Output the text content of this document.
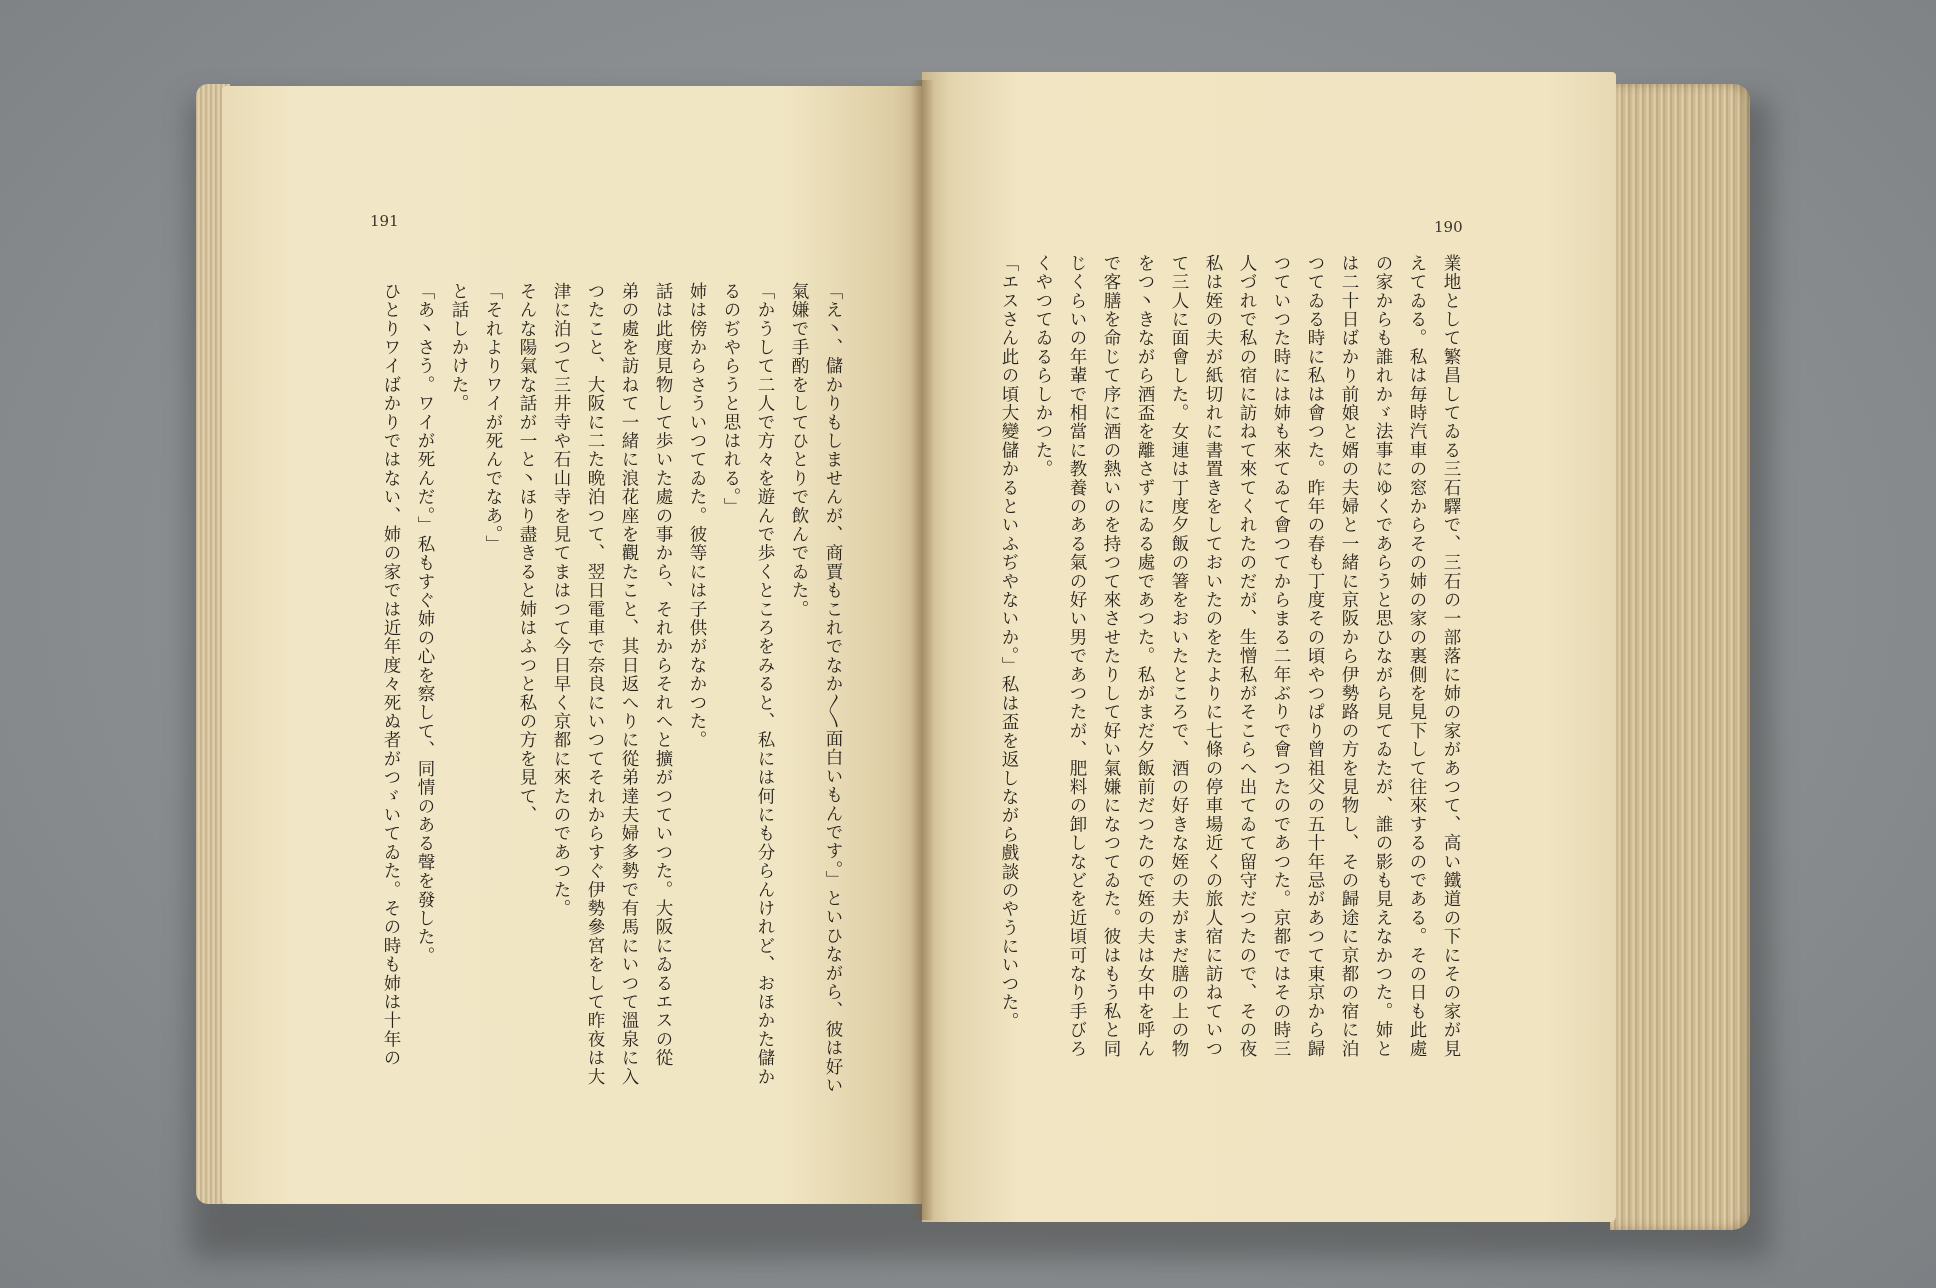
191
「え丶、儲かりもしませんが、商賈もこれでなか〳〵面白いもんです。」といひながら、彼は好い
氣嫌で手酌をしてひとりで飲んでゐた。
「かうして二人で方々を遊んで歩くところをみると、私には何にも分らんけれど、おほかた儲か
るのぢやらうと思はれる。」
姉は傍からさういつてゐた。彼等には子供がなかつた。
話は此度見物して歩いた處の事から、それからそれへと擴がつていつた。大阪にゐるエスの從
弟の處を訪ねて一緒に浪花座を觀たこと、其日返へりに從弟達夫婦多勢で有馬にいつて溫泉に入
つたこと、大阪に二た晩泊つて、翌日電車で奈良にいつてそれからすぐ伊勢參宮をして昨夜は大
津に泊つて三井寺や石山寺を見てまはつて今日早く京都に來たのであつた。
そんな陽氣な話が一と丶ほり盡きると姉はふつと私の方を見て、
「それよりワイが死んでなあ。」
と話しかけた。
「あ丶さう。ワイが死んだ。」私もすぐ姉の心を察して、同情のある聲を發した。
ひとりワイばかりではない、姉の家では近年度々死ぬ者がつゞいてゐた。その時も姉は十年の
190
業地として繁昌してゐる三石驛で、三石の一部落に姉の家があつて、高い鐵道の下にその家が見
えてゐる。私は毎時汽車の窓からその姉の家の裏側を見下して往來するのである。その日も此處
の家からも誰れかゞ法事にゆくであらうと思ひながら見てゐたが、誰の影も見えなかつた。姉と
は二十日ばかり前娘と婿の夫婦と一緒に京阪から伊勢路の方を見物し、その歸途に京都の宿に泊
つてゐる時に私は會つた。昨年の春も丁度その頃やつぱり曾祖父の五十年忌があつて東京から歸
つていつた時には姉も來てゐて會つてからまる二年ぶりで會つたのであつた。京都ではその時三
人づれで私の宿に訪ねて來てくれたのだが、生憎私がそこらへ出てゐて留守だつたので、その夜
私は姪の夫が紙切れに書置きをしておいたのをたよりに七條の停車場近くの旅人宿に訪ねていつ
て三人に面會した。女連は丁度夕飯の箸をおいたところで、酒の好きな姪の夫がまだ膳の上の物
をつ丶きながら酒盃を離さずにゐる處であつた。私がまだ夕飯前だつたので姪の夫は女中を呼ん
で客膳を命じて序に酒の熱いのを持つて來させたりして好い氣嫌になつてゐた。彼はもう私と同
じくらいの年輩で相當に教養のある氣の好い男であつたが、肥料の卸しなどを近頃可なり手びろ
くやつてゐるらしかつた。
「エスさん此の頃大變儲かるといふぢやないか。」私は盃を返しながら戲談のやうにいつた。
